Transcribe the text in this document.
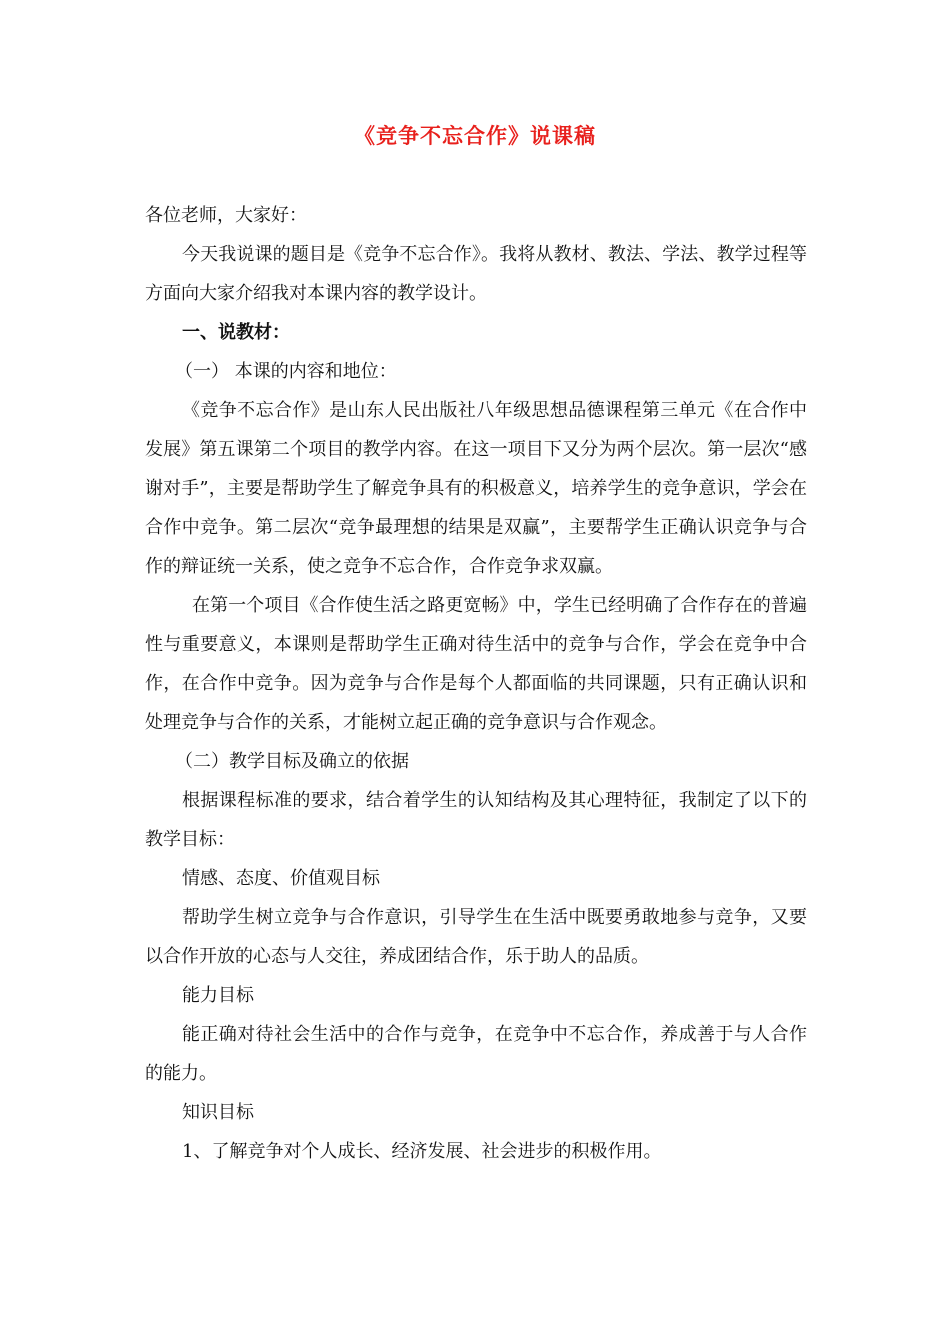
《竞争不忘合作》说课稿

各位老师，大家好：

今天我说课的题目是《竞争不忘合作》。我将从教材、教法、学法、教学过程等方面向大家介绍我对本课内容的教学设计。

一、说教材：

（一） 本课的内容和地位：

《竞争不忘合作》是山东人民出版社八年级思想品德课程第三单元《在合作中发展》第五课第二个项目的教学内容。在这一项目下又分为两个层次。第一层次“感谢对手”，主要是帮助学生了解竞争具有的积极意义，培养学生的竞争意识，学会在合作中竞争。第二层次“竞争最理想的结果是双赢”，主要帮学生正确认识竞争与合作的辩证统一关系，使之竞争不忘合作，合作竞争求双赢。

在第一个项目《合作使生活之路更宽畅》中，学生已经明确了合作存在的普遍性与重要意义，本课则是帮助学生正确对待生活中的竞争与合作，学会在竞争中合作，在合作中竞争。因为竞争与合作是每个人都面临的共同课题，只有正确认识和处理竞争与合作的关系，才能树立起正确的竞争意识与合作观念。

（二）教学目标及确立的依据

根据课程标准的要求，结合着学生的认知结构及其心理特征，我制定了以下的教学目标：

情感、态度、价值观目标

帮助学生树立竞争与合作意识，引导学生在生活中既要勇敢地参与竞争，又要以合作开放的心态与人交往，养成团结合作，乐于助人的品质。

能力目标

能正确对待社会生活中的合作与竞争，在竞争中不忘合作，养成善于与人合作的能力。

知识目标

1、了解竞争对个人成长、经济发展、社会进步的积极作用。
